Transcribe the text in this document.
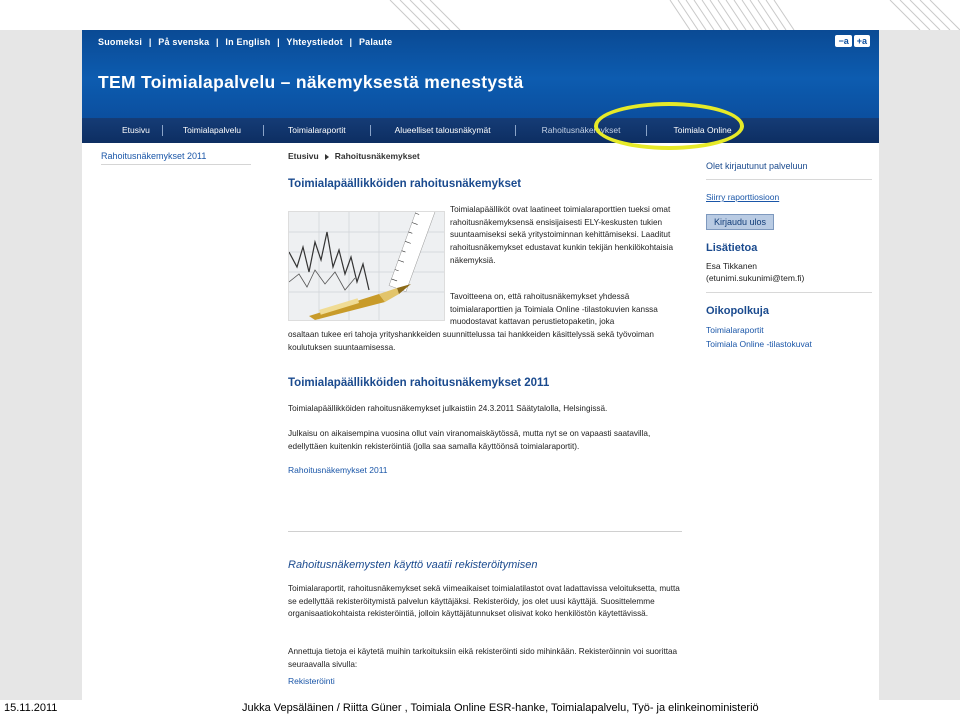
Suomeksi | På svenska | In English | Yhteystiedot | Palaute	−a +a
TEM Toimialapalvelu – näkemyksestä menestystä
Etusivu	Toimialapalvelu	Toimialaraportit	Alueelliset talousnäkymät	Rahoitusnäkemykset	Toimiala Online
Rahoitusnäkemykset 2011	Etusivu Rahoitusnäkemykset
Toimialapäällikköiden rahoitusnäkemykset
Toimialapäälliköt ovat laatineet toimialaraporttien tueksi omat rahoitusnäkemyksensä ensisijaisesti ELY-keskusten tukien suuntaamiseksi sekä yritystoiminnan kehittämiseksi. Laaditut rahoitusnäkemykset edustavat kunkin tekijän henkilökohtaisia näkemyksiä.
Tavoitteena on, että rahoitusnäkemykset yhdessä toimialaraporttien ja Toimiala Online -tilastokuvien kanssa muodostavat kattavan perustietopaketin, joka
osaltaan tukee eri tahoja yrityshankkeiden suunnittelussa tai hankkeiden käsittelyssä sekä työvoiman koulutuksen suuntaamisessa.
Toimialapäällikköiden rahoitusnäkemykset 2011
Toimialapäällikköiden rahoitusnäkemykset julkaistiin 24.3.2011 Säätytalolla, Helsingissä.
Julkaisu on aikaisempina vuosina ollut vain viranomaiskäytössä, mutta nyt se on vapaasti saatavilla, edellyttäen kuitenkin rekisteröintiä (jolla saa samalla käyttöönsä toimialaraportit).
Rahoitusnäkemykset 2011
Rahoitusnäkemysten käyttö vaatii rekisteröitymisen
Toimialaraportit, rahoitusnäkemykset sekä viimeaikaiset toimialatilastot ovat ladattavissa veloituksetta, mutta se edellyttää rekisteröitymistä palvelun käyttäjäksi. Rekisteröidy, jos olet uusi käyttäjä. Suosittelemme organisaatiokohtaista rekisteröintiä, jolloin käyttäjätunnukset olisivat koko henkilöstön käytettävissä.
Annettuja tietoja ei käytetä muihin tarkoituksiin eikä rekisteröinti sido mihinkään. Rekisteröinnin voi suorittaa seuraavalla sivulla:
Rekisteröinti
Olet kirjautunut palveluun
Siirry raporttiosioon
Kirjaudu ulos
Lisätietoa
Esa Tikkanen
(etunimi.sukunimi@tem.fi)
Oikopolkuja
Toimialaraportit
Toimiala Online -tilastokuvat
15.11.2011	Jukka Vepsäläinen / Riitta Güner , Toimiala Online ESR-hanke, Toimialapalvelu, Työ- ja elinkeinoministeriö
